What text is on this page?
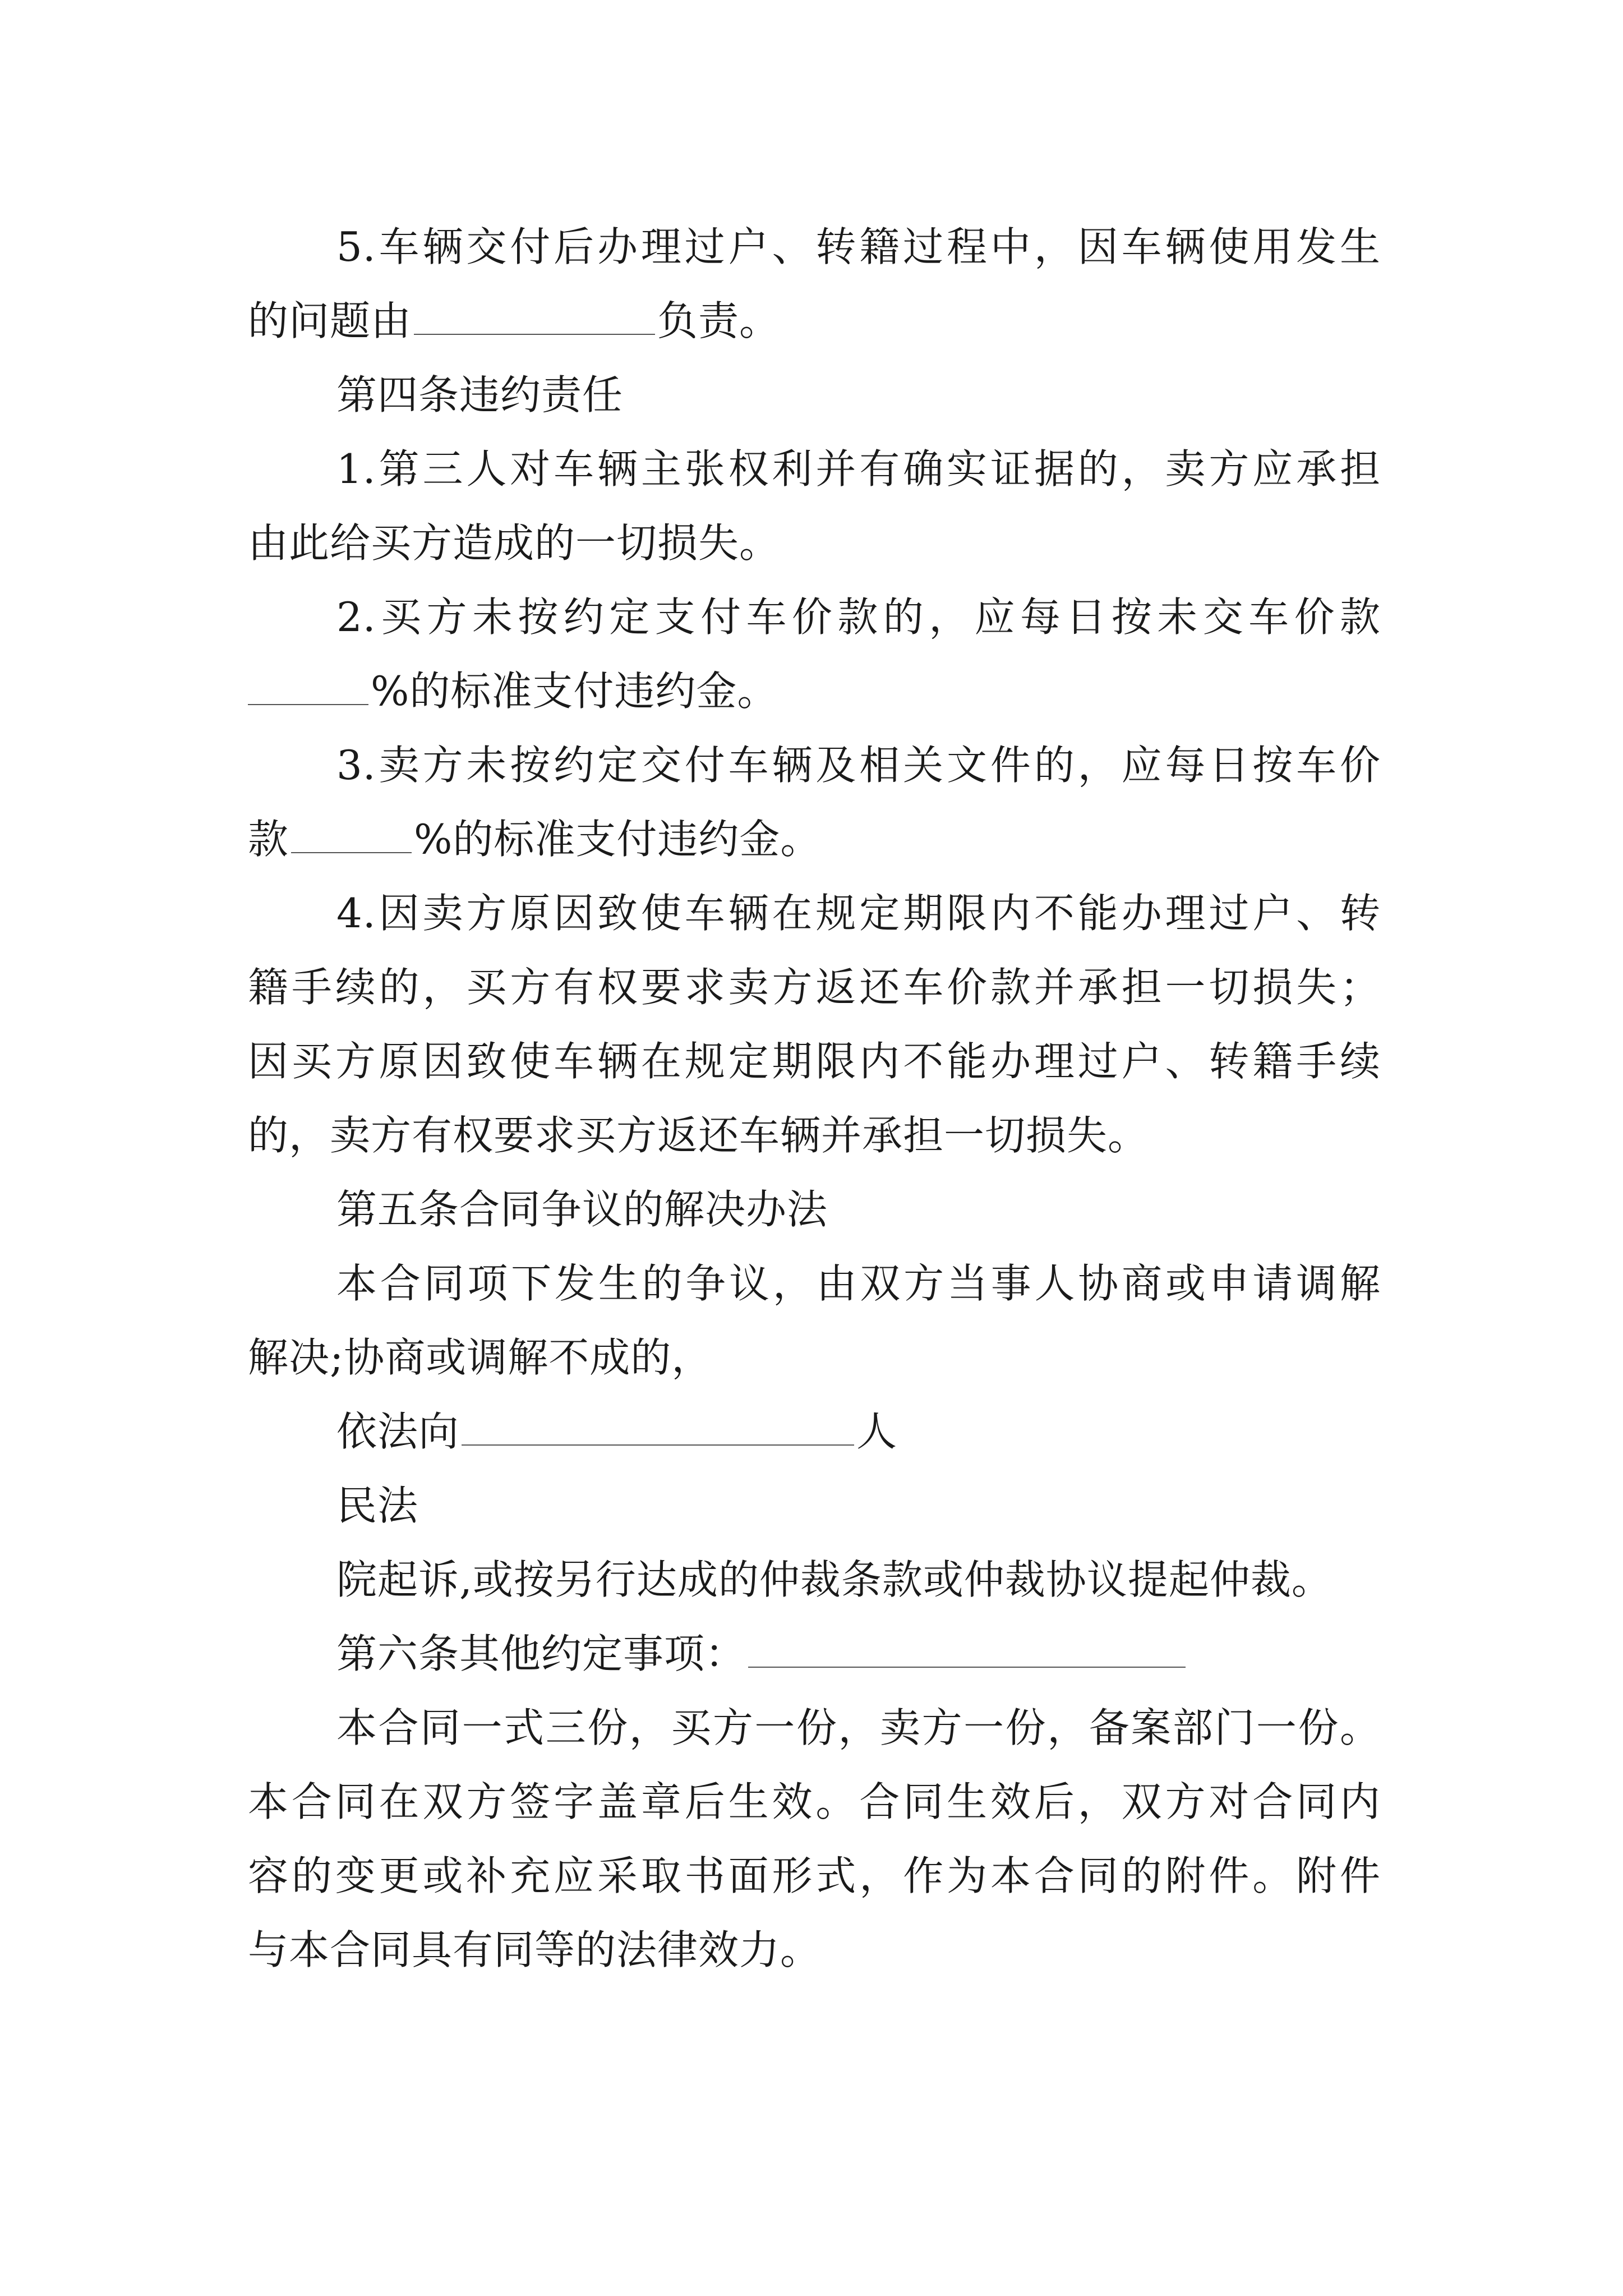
5.车辆交付后办理过户、转籍过程中，因车辆使用发生
的问题由	负责。
第四条违约责任
1.第三人对车辆主张权利并有确实证据的，卖方应承担
由此给买方造成的一切损失。
2.买方未按约定支付车价款的，应每日按未交车价款
%的标准支付违约金。
3.卖方未按约定交付车辆及相关文件的，应每日按车价
款	%的标准支付违约金。
4.因卖方原因致使车辆在规定期限内不能办理过户、转
籍手续的，买方有权要求卖方返还车价款并承担一切损失；
因买方原因致使车辆在规定期限内不能办理过户、转籍手续
的，卖方有权要求买方返还车辆并承担一切损失。
第五条合同争议的解决办法
本合同项下发生的争议，由双方当事人协商或申请调解
解决;协商或调解不成的，
依法向	人
民法
院起诉,或按另行达成的仲裁条款或仲裁协议提起仲裁。
第六条其他约定事项：
本合同一式三份，买方一份，卖方一份，备案部门一份。
本合同在双方签字盖章后生效。合同生效后，双方对合同内
容的变更或补充应采取书面形式，作为本合同的附件。附件
与本合同具有同等的法律效力。
